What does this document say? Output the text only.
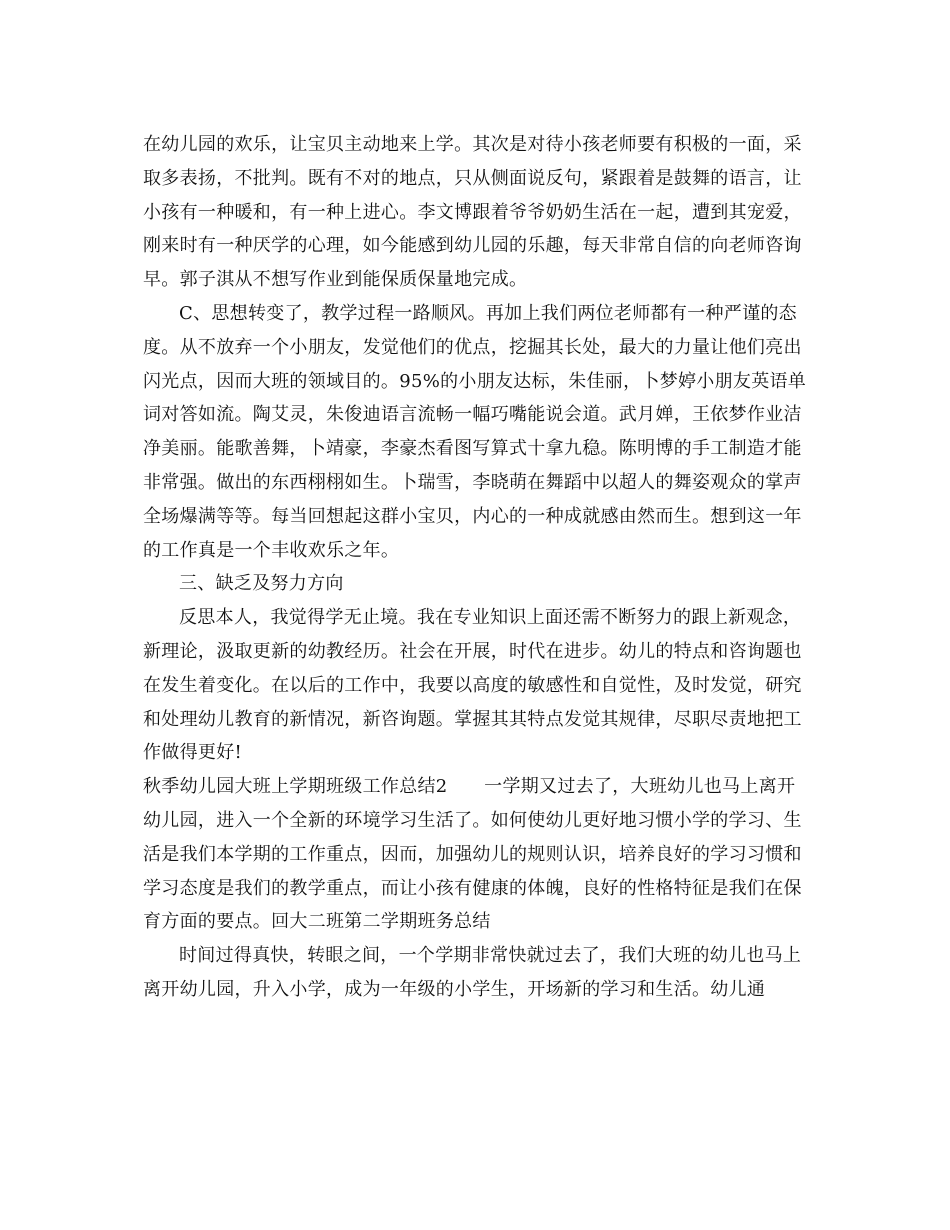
在幼儿园的欢乐，让宝贝主动地来上学。其次是对待小孩老师要有积极的一面，采取多表扬，不批判。既有不对的地点，只从侧面说反句，紧跟着是鼓舞的语言，让小孩有一种暖和，有一种上进心。李文博跟着爷爷奶奶生活在一起，遭到其宠爱，刚来时有一种厌学的心理，如今能感到幼儿园的乐趣，每天非常自信的向老师咨询早。郭子淇从不想写作业到能保质保量地完成。

C、思想转变了，教学过程一路顺风。再加上我们两位老师都有一种严谨的态度。从不放弃一个小朋友，发觉他们的优点，挖掘其长处，最大的力量让他们亮出闪光点，因而大班的领域目的。95%的小朋友达标，朱佳丽，卜梦婷小朋友英语单词对答如流。陶艾灵，朱俊迪语言流畅一幅巧嘴能说会道。武月婵，王依梦作业洁净美丽。能歌善舞，卜靖豪，李豪杰看图写算式十拿九稳。陈明博的手工制造才能非常强。做出的东西栩栩如生。卜瑞雪，李晓萌在舞蹈中以超人的舞姿观众的掌声全场爆满等等。每当回想起这群小宝贝，内心的一种成就感由然而生。想到这一年的工作真是一个丰收欢乐之年。

三、缺乏及努力方向

反思本人，我觉得学无止境。我在专业知识上面还需不断努力的跟上新观念，新理论，汲取更新的幼教经历。社会在开展，时代在进步。幼儿的特点和咨询题也在发生着变化。在以后的工作中，我要以高度的敏感性和自觉性，及时发觉，研究和处理幼儿教育的新情况，新咨询题。掌握其其特点发觉其规律，尽职尽责地把工作做得更好!

秋季幼儿园大班上学期班级工作总结2　　一学期又过去了，大班幼儿也马上离开幼儿园，进入一个全新的环境学习生活了。如何使幼儿更好地习惯小学的学习、生活是我们本学期的工作重点，因而，加强幼儿的规则认识，培养良好的学习习惯和学习态度是我们的教学重点，而让小孩有健康的体魄，良好的性格特征是我们在保育方面的要点。回大二班第二学期班务总结

时间过得真快，转眼之间，一个学期非常快就过去了，我们大班的幼儿也马上离开幼儿园，升入小学，成为一年级的小学生，开场新的学习和生活。幼儿通
